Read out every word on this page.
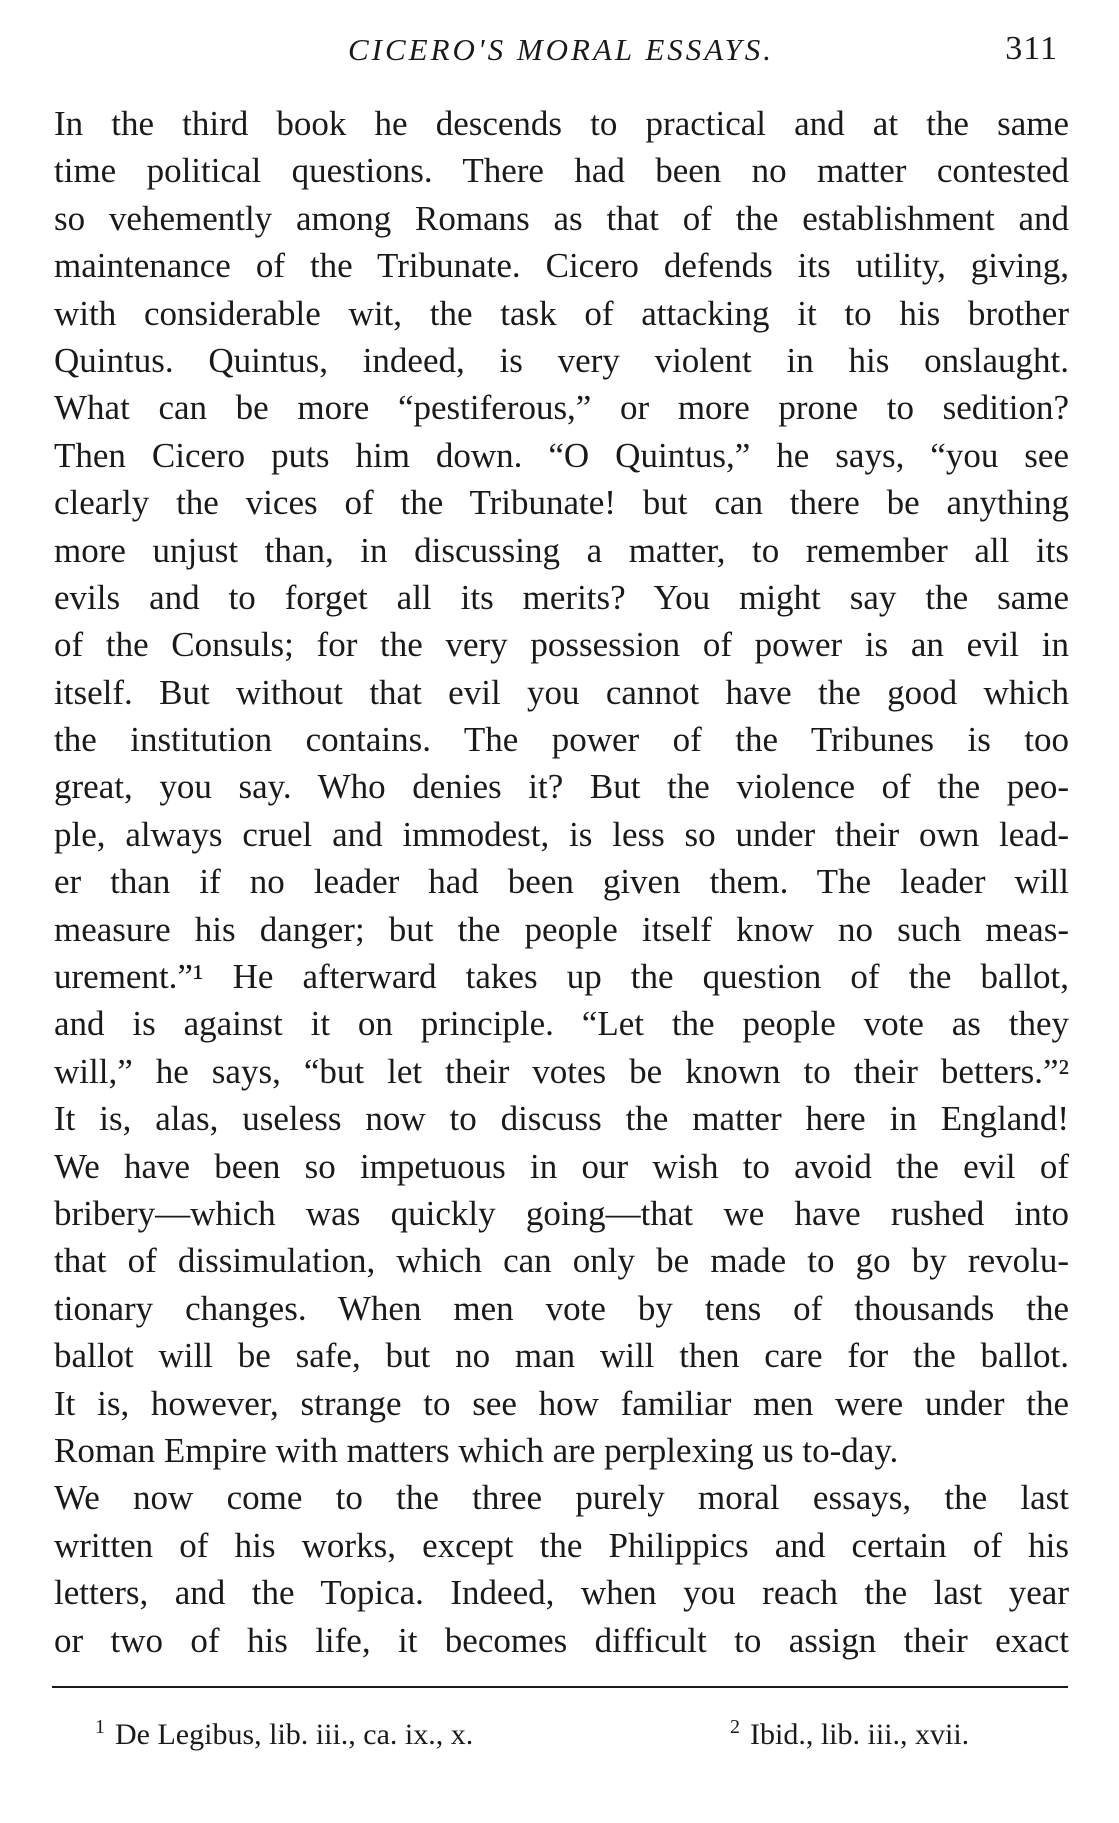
CICERO'S MORAL ESSAYS.	311
In the third book he descends to practical and at the same
time political questions. There had been no matter contested
so vehemently among Romans as that of the establishment and
maintenance of the Tribunate. Cicero defends its utility, giving,
with considerable wit, the task of attacking it to his brother
Quintus. Quintus, indeed, is very violent in his onslaught.
What can be more “pestiferous,” or more prone to sedition?
Then Cicero puts him down. “O Quintus,” he says, “you see
clearly the vices of the Tribunate! but can there be anything
more unjust than, in discussing a matter, to remember all its
evils and to forget all its merits? You might say the same
of the Consuls; for the very possession of power is an evil in
itself. But without that evil you cannot have the good which
the institution contains. The power of the Tribunes is too
great, you say. Who denies it? But the violence of the peo-
ple, always cruel and immodest, is less so under their own lead-
er than if no leader had been given them. The leader will
measure his danger; but the people itself know no such meas-
urement.”¹ He afterward takes up the question of the ballot,
and is against it on principle. “Let the people vote as they
will,” he says, “but let their votes be known to their betters.”²
It is, alas, useless now to discuss the matter here in England!
We have been so impetuous in our wish to avoid the evil of
bribery—which was quickly going—that we have rushed into
that of dissimulation, which can only be made to go by revolu-
tionary changes. When men vote by tens of thousands the
ballot will be safe, but no man will then care for the ballot.
It is, however, strange to see how familiar men were under the
Roman Empire with matters which are perplexing us to-day.
We now come to the three purely moral essays, the last
written of his works, except the Philippics and certain of his
letters, and the Topica. Indeed, when you reach the last year
or two of his life, it becomes difficult to assign their exact
$^1$ De Legibus, lib. iii., ca. ix., x.	$^2$ Ibid., lib. iii., xvii.
